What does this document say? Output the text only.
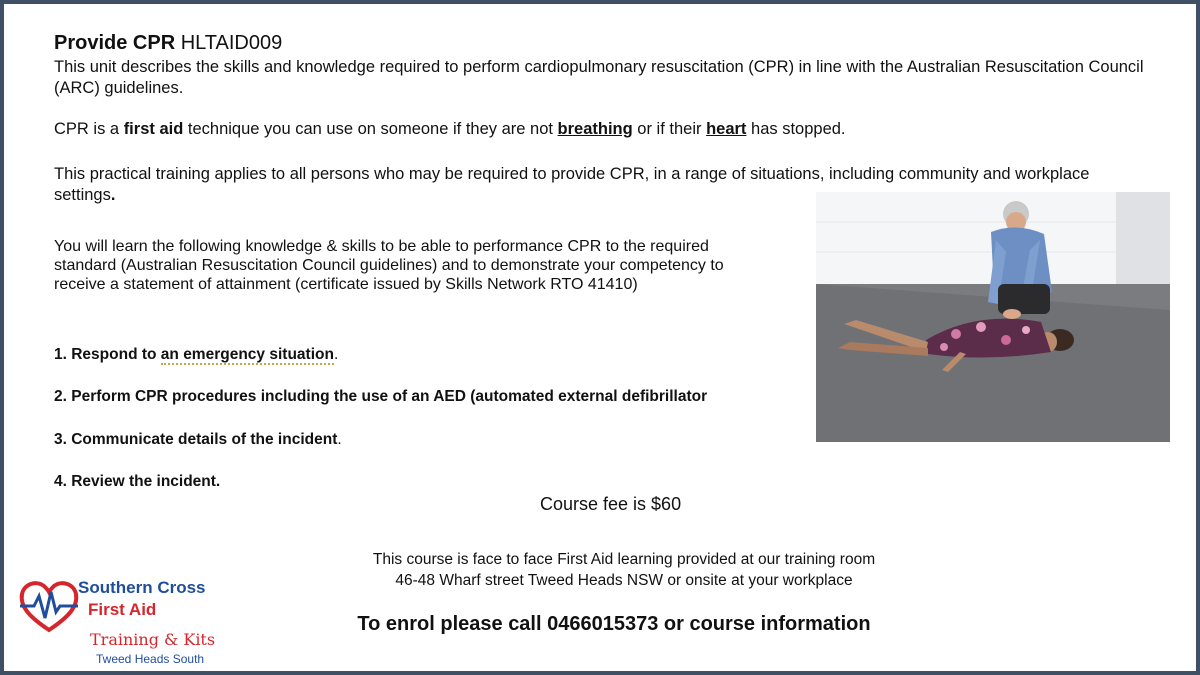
Provide CPR HLTAID009
This unit describes the skills and knowledge required to perform cardiopulmonary resuscitation (CPR) in line with the Australian Resuscitation Council (ARC) guidelines.
CPR is a first aid technique you can use on someone if they are not breathing or if their heart has stopped.
This practical training applies to all persons who may be required to provide CPR, in a range of situations, including community and workplace settings.
You will learn the following knowledge & skills to be able to performance CPR to the required standard (Australian Resuscitation Council guidelines) and to demonstrate your competency to receive a statement of attainment (certificate issued by Skills Network RTO 41410)
1. Respond to an emergency situation.
2. Perform CPR procedures including the use of an AED (automated external defibrillator
3. Communicate details of the incident.
4. Review the incident.
Course fee is $60
This course is face to face First Aid learning provided at our training room
46-48 Wharf street Tweed Heads NSW or onsite at your workplace
To enrol please call 0466015373 or course information
Southern Cross
First Aid
Training & Kits
Tweed Heads South
